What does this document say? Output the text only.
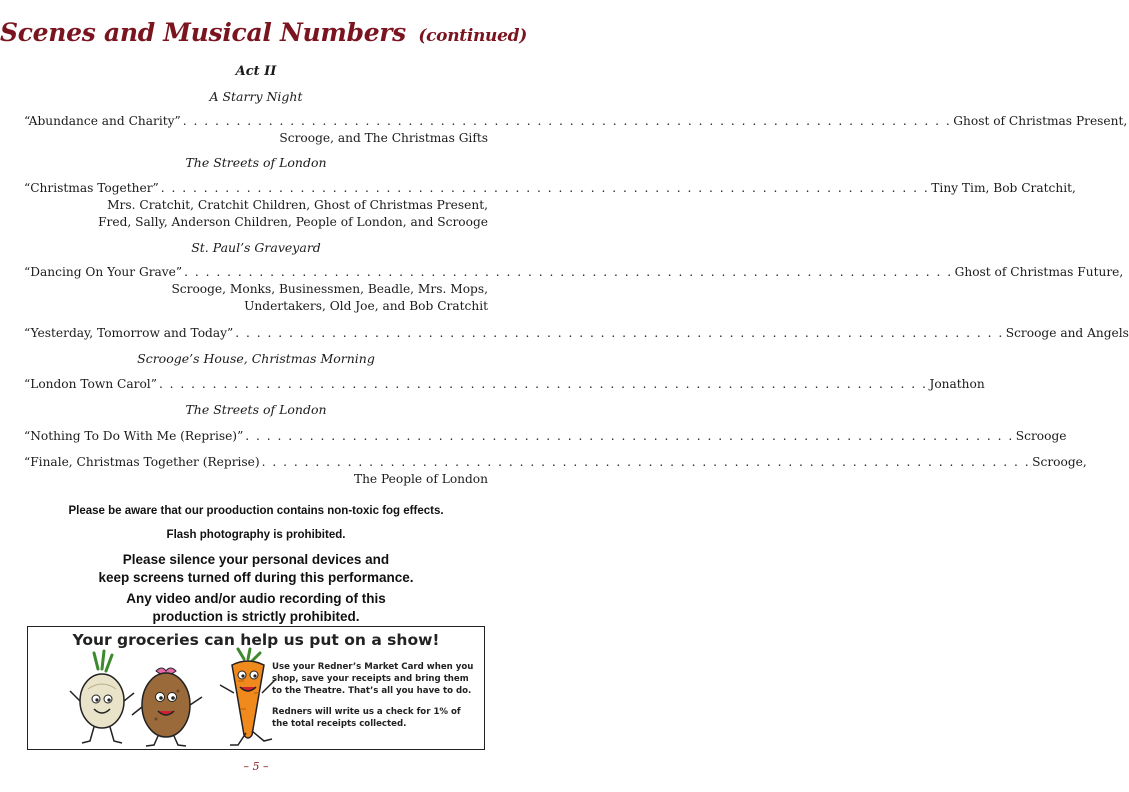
Scenes and Musical Numbers (continued)
Act II
A Starry Night
“Abundance and Charity” . . .	Ghost of Christmas Present,
Scrooge, and The Christmas Gifts
The Streets of London
“Christmas Together” . . .	Tiny Tim, Bob Cratchit,
Mrs. Cratchit, Cratchit Children, Ghost of Christmas Present,
Fred, Sally, Anderson Children, People of London, and Scrooge
St. Paul’s Graveyard
“Dancing On Your Grave” . . .	Ghost of Christmas Future,
Scrooge, Monks, Businessmen, Beadle, Mrs. Mops,
Undertakers, Old Joe, and Bob Cratchit
“Yesterday, Tomorrow and Today” . . .	Scrooge and Angels
Scrooge’s House, Christmas Morning
“London Town Carol” . . .	Jonathon
The Streets of London
“Nothing To Do With Me (Reprise)” . . .	Scrooge
“Finale, Christmas Together (Reprise) . . .	Scrooge,
The People of London
Please be aware that our prooduction contains non-toxic fog effects.
Flash photography is prohibited.
Please silence your personal devices and
keep screens turned off during this performance.
Any video and/or audio recording of this
production is strictly prohibited.
Your groceries can help us put on a show!

Use your Redner’s Market Card when you shop, save your receipts and bring them to the Theatre. That’s all you have to do.

Redners will write us a check for 1% of the total receipts collected.

– 5 –
